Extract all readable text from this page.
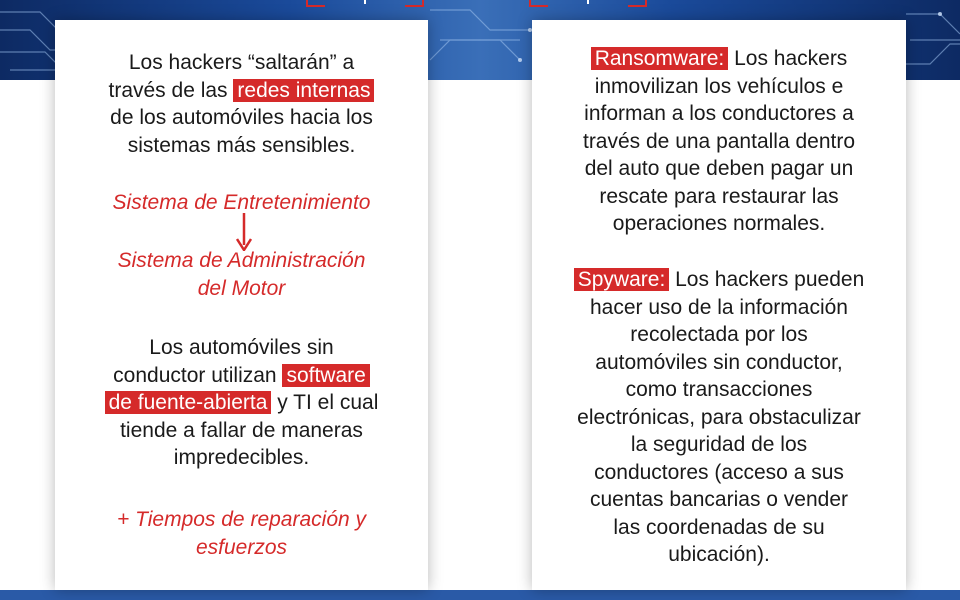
Los hackers “saltarán” a
través de las redes internas
de los automóviles hacia los
sistemas más sensibles.
Sistema de Entretenimiento
Sistema de Administración
del Motor
Los automóviles sin
conductor utilizan software
de fuente-abierta y TI el cual
tiende a fallar de maneras
impredecibles.
+ Tiempos de reparación y
esfuerzos
Ransomware: Los hackers
inmovilizan los vehículos e
informan a los conductores a
través de una pantalla dentro
del auto que deben pagar un
rescate para restaurar las
operaciones normales.
Spyware: Los hackers pueden
hacer uso de la información
recolectada por los
automóviles sin conductor,
como transacciones
electrónicas, para obstaculizar
la seguridad de los
conductores (acceso a sus
cuentas bancarias o vender
las coordenadas de su
ubicación).
